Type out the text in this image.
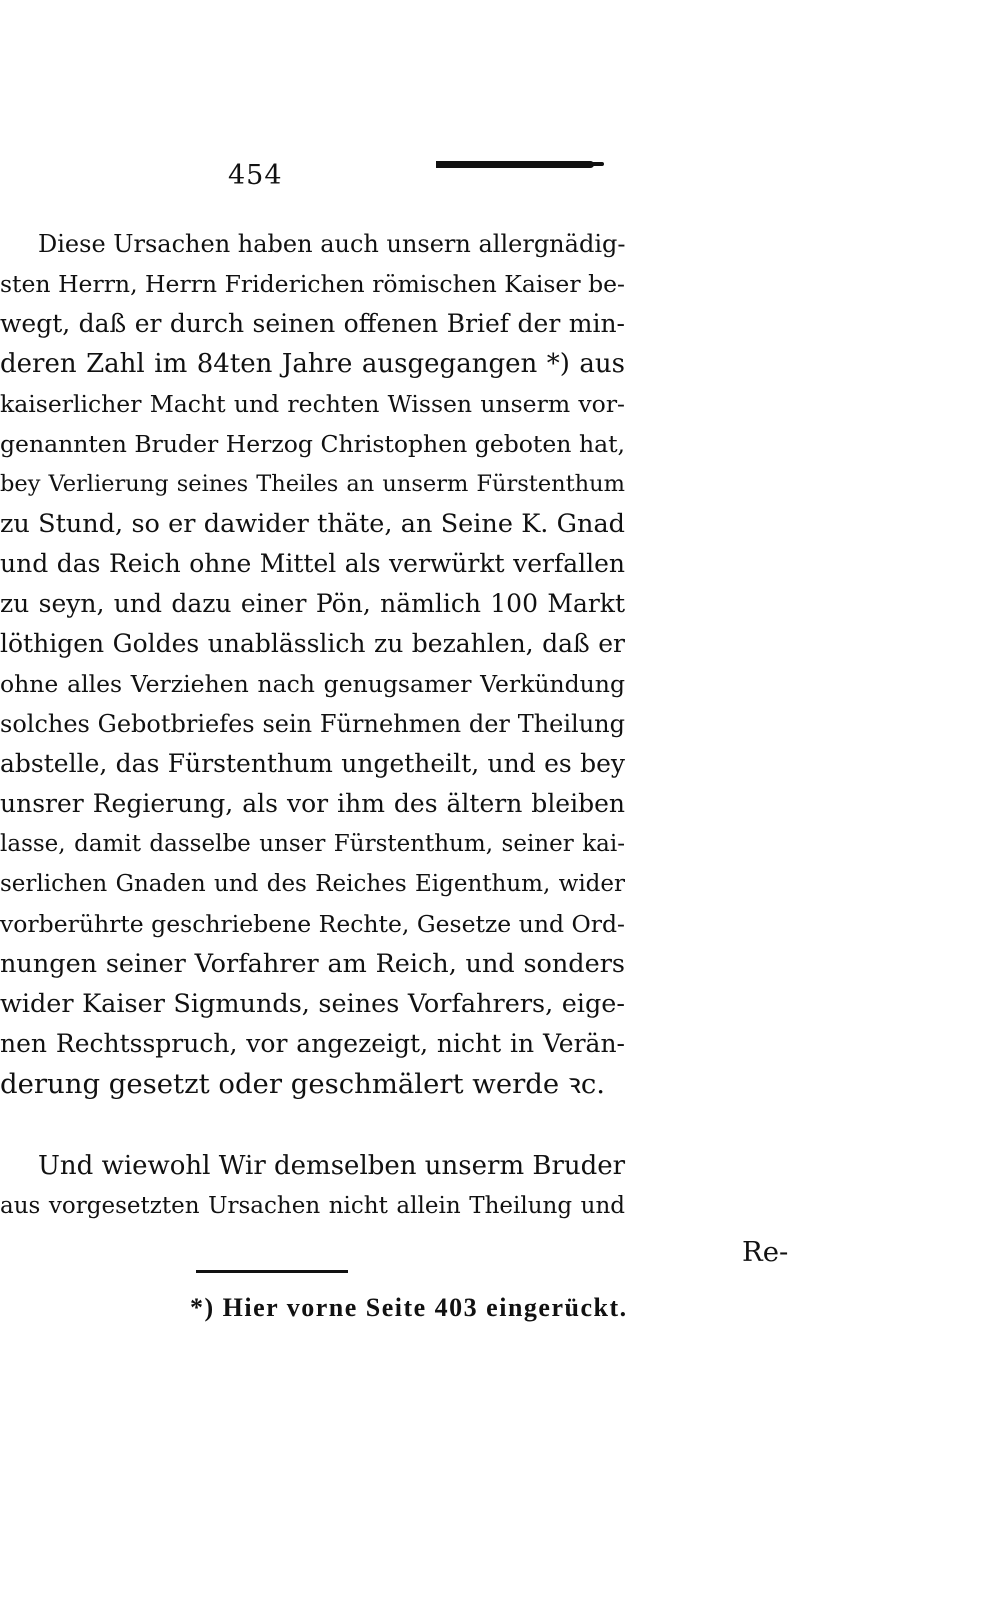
454

Diese Ursachen haben auch unsern allergnädig-

sten Herrn, Herrn Friderichen römischen Kaiser be-

wegt, daß er durch seinen offenen Brief der min-

deren Zahl im 84ten Jahre ausgegangen *) aus

kaiserlicher Macht und rechten Wissen unserm vor-

genannten Bruder Herzog Christophen geboten hat,

bey Verlierung seines Theiles an unserm Fürstenthum

zu Stund, so er dawider thäte, an Seine K. Gnad

und das Reich ohne Mittel als verwürkt verfallen

zu seyn, und dazu einer Pön, nämlich 100 Markt

löthigen Goldes unablässlich zu bezahlen, daß er

ohne alles Verziehen nach genugsamer Verkündung

solches Gebotbriefes sein Fürnehmen der Theilung

abstelle, das Fürstenthum ungetheilt, und es bey

unsrer Regierung, als vor ihm des ältern bleiben

lasse, damit dasselbe unser Fürstenthum, seiner kai-

serlichen Gnaden und des Reiches Eigenthum, wider

vorberührte geschriebene Rechte, Gesetze und Ord-

nungen seiner Vorfahrer am Reich, und sonders

wider Kaiser Sigmunds, seines Vorfahrers, eige-

nen Rechtsspruch, vor angezeigt, nicht in Verän-

derung gesetzt oder geschmälert werde ꝛc.

Und wiewohl Wir demselben unserm Bruder

aus vorgesetzten Ursachen nicht allein Theilung und

Re-

*) Hier vorne Seite 403 eingerückt.
